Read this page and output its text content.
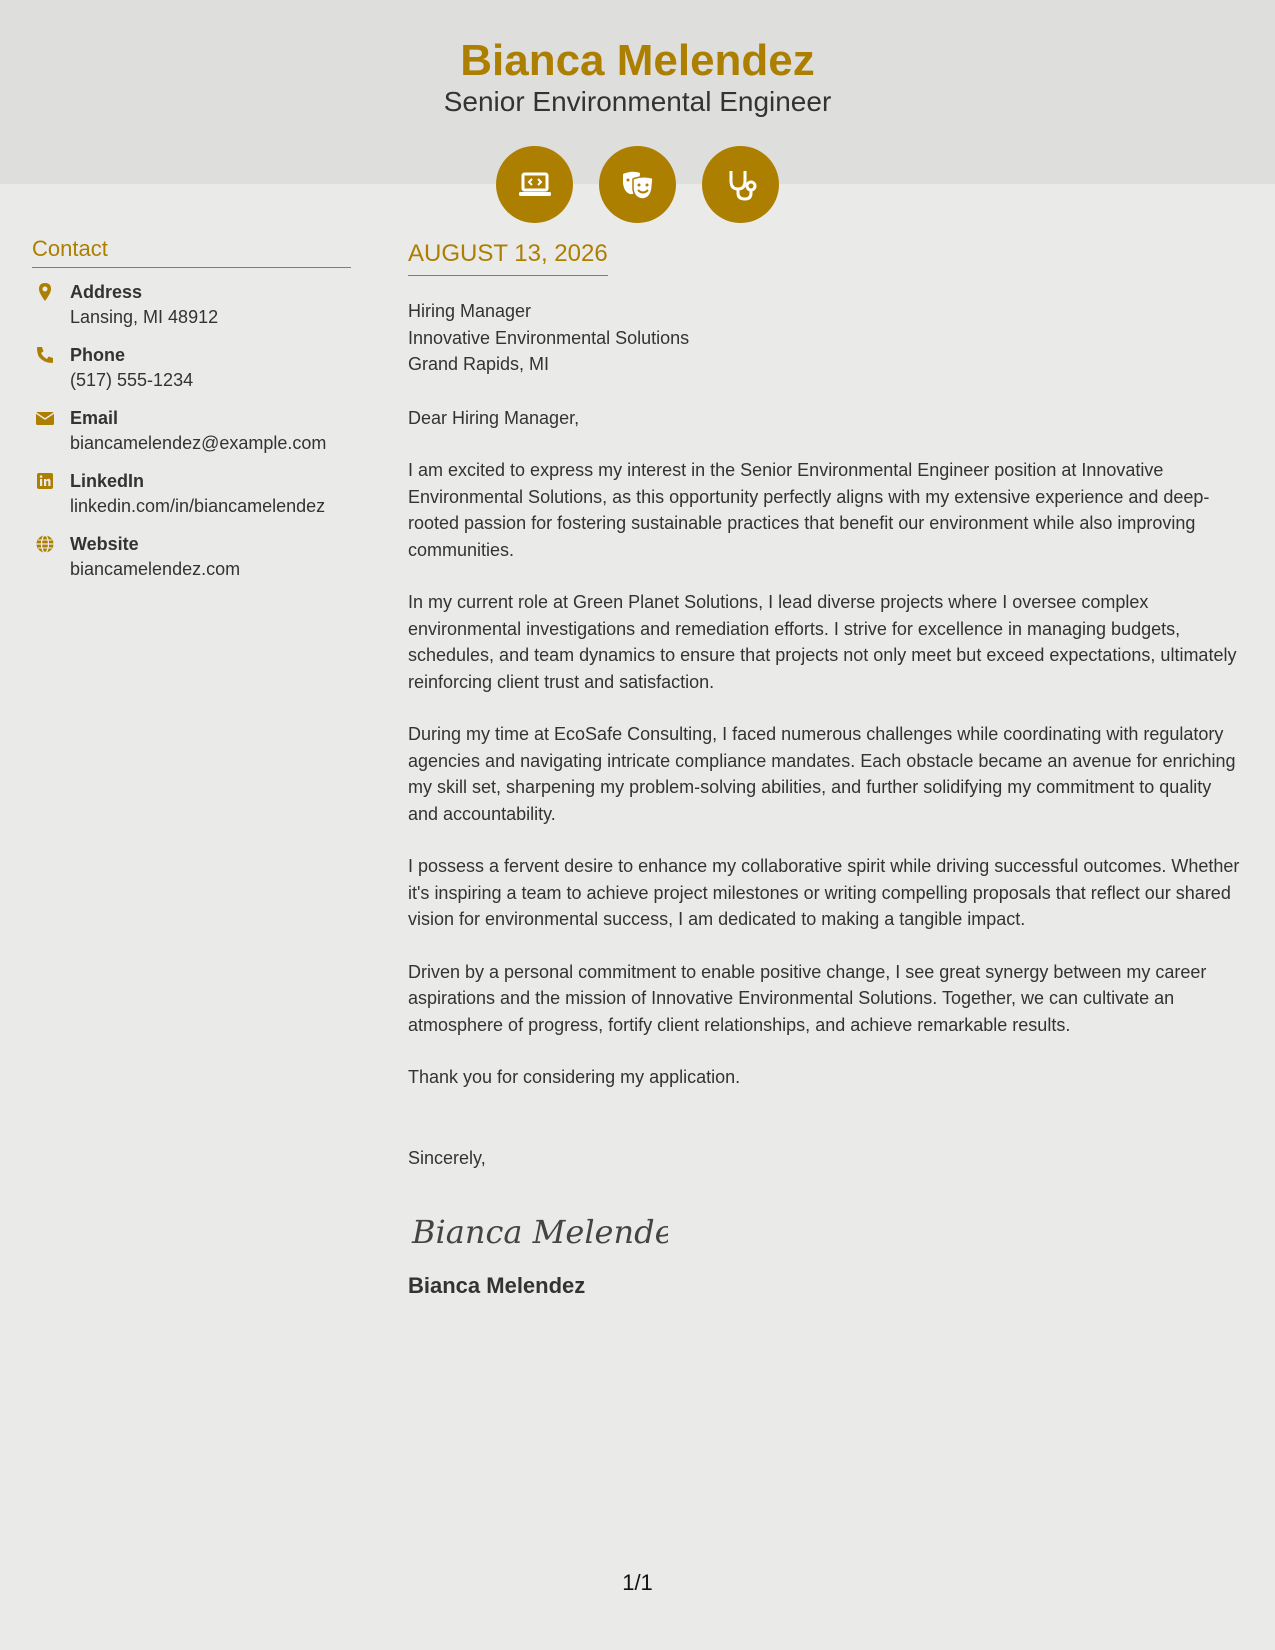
Bianca Melendez
Senior Environmental Engineer
Contact
Address
Lansing, MI 48912
Phone
(517) 555-1234
Email
biancamelendez@example.com
LinkedIn
linkedin.com/in/biancamelendez
Website
biancamelendez.com
AUGUST 13, 2026
Hiring Manager
Innovative Environmental Solutions
Grand Rapids, MI
Dear Hiring Manager,
I am excited to express my interest in the Senior Environmental Engineer position at Innovative Environmental Solutions, as this opportunity perfectly aligns with my extensive experience and deep-rooted passion for fostering sustainable practices that benefit our environment while also improving communities.
In my current role at Green Planet Solutions, I lead diverse projects where I oversee complex environmental investigations and remediation efforts. I strive for excellence in managing budgets, schedules, and team dynamics to ensure that projects not only meet but exceed expectations, ultimately reinforcing client trust and satisfaction.
During my time at EcoSafe Consulting, I faced numerous challenges while coordinating with regulatory agencies and navigating intricate compliance mandates. Each obstacle became an avenue for enriching my skill set, sharpening my problem-solving abilities, and further solidifying my commitment to quality and accountability.
I possess a fervent desire to enhance my collaborative spirit while driving successful outcomes. Whether it's inspiring a team to achieve project milestones or writing compelling proposals that reflect our shared vision for environmental success, I am dedicated to making a tangible impact.
Driven by a personal commitment to enable positive change, I see great synergy between my career aspirations and the mission of Innovative Environmental Solutions. Together, we can cultivate an atmosphere of progress, fortify client relationships, and achieve remarkable results.
Thank you for considering my application.
Sincerely,
Bianca Melendez
Bianca Melendez
1/1
